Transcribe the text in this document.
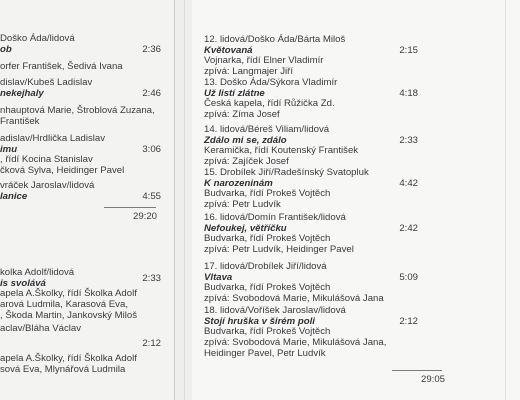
Doško Áda/lidová
ob	2:36
orfer František, Šedivá Ivana
dislav/Kubeš Ladislav
nekejhaly	2:46
nhauptová Marie, Štroblová Zuzana,
František
adislav/Hrdlička Ladislav
imu	3:06
, řídí Kocina Stanislav
čková Sylva, Heidinger Pavel
vráček Jaroslav/lidová
lanice	4:55
29:20
kolka Adolf/lidová
is svolává	2:33
apela A.Školky, řídí Školka Adolf
arová Ludmila, Karasová Eva,
, Škoda Martin, Jankovský Miloš
aclav/Bláha Václav
2:12
apela A.Školky, řídí Školka Adolf
sová Eva, Mlynářová Ludmila
12. lidová/Doško Áda/Bárta Miloš
Květovaná	2:15
Vojnarka, řídí Elner Vladimír
zpívá: Langmajer Jiří
13. Doško Áda/Sýkora Vladimír
Už listí zlátne	4:18
Česká kapela, řídí Růžička Zd.
zpívá: Zíma Josef
14. lidová/Béreš Viliam/lidová
Zdálo mi se, zdálo	2:33
Keramička, řídí Koutenský František
zpívá: Zajíček Josef
15. Drobílek Jiří/Radešínský Svatopluk
K narozeninám	4:42
Budvarka, řídí Prokeš Vojtěch
zpívá: Petr Ludvík
16. lidová/Domín František/lidová
Nefoukej, větříčku	2:42
Budvarka, řídí Prokeš Vojtěch
zpívá: Petr Ludvík, Heidinger Pavel
17. lidová/Drobílek Jiří/lidová
Vltava	5:09
Budvarka, řídí Prokeš Vojtěch
zpívá: Svobodová Marie, Mikulášová Jana
18. lidová/Voříšek Jaroslav/lidová
Stojí hruška v širém poli	2:12
Budvarka, řídí Prokeš Vojtěch
zpívá: Svobodová Marie, Mikulášová Jana,
Heidinger Pavel, Petr Ludvík
29:05
